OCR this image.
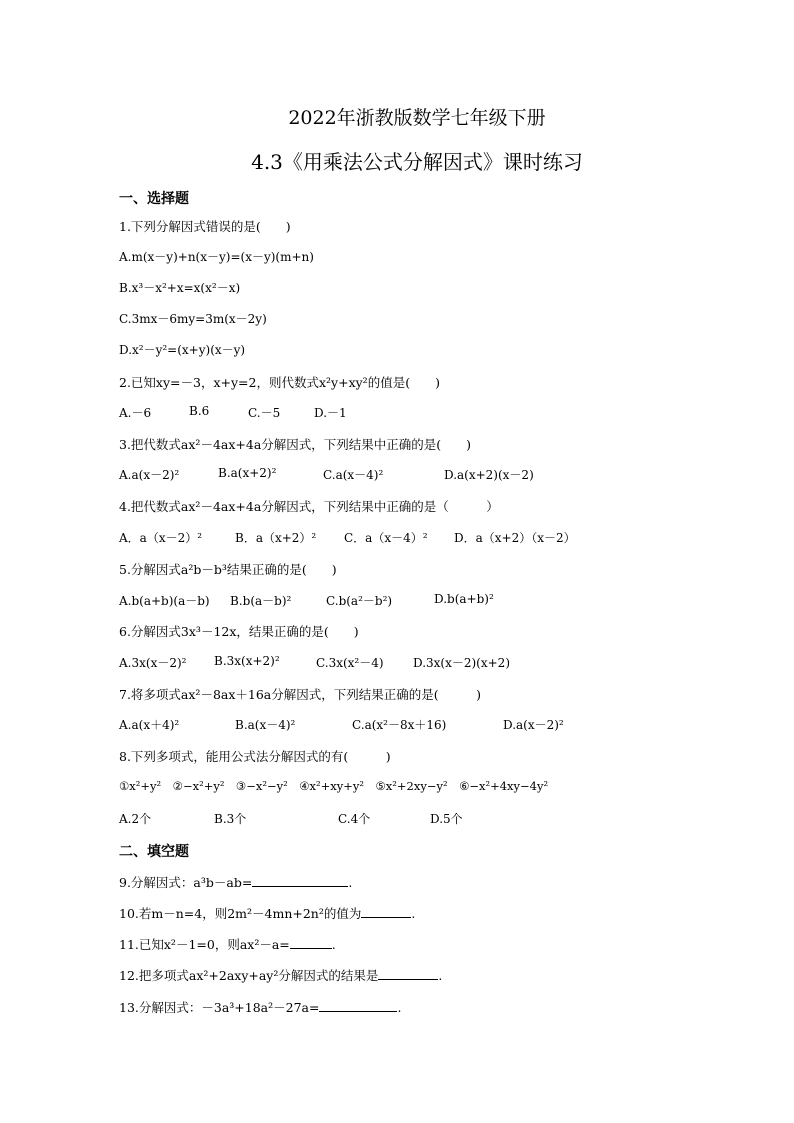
2022年浙教版数学七年级下册
4.3《用乘法公式分解因式》课时练习
一、选择题
1.下列分解因式错误的是(　　)
A.m(x－y)+n(x－y)=(x－y)(m+n)
B.x³－x²+x=x(x²－x)
C.3mx－6my=3m(x－2y)
D.x²－y²=(x+y)(x－y)
2.已知xy=－3，x+y=2，则代数式x²y+xy²的值是(　　)
A.－6	B.6	C.－5	D.－1
3.把代数式ax²－4ax+4a分解因式，下列结果中正确的是(　　)
A.a(x－2)²	B.a(x+2)²	C.a(x－4)²	D.a(x+2)(x－2)
4.把代数式ax²－4ax+4a分解因式，下列结果中正确的是（　　　）
A．a（x－2）²	B．a（x+2）² C．a（x－4）² D．a（x+2）（x－2）
5.分解因式a²b－b³结果正确的是(　　)
A.b(a+b)(a－b) B.b(a－b)²	C.b(a²－b²)	D.b(a+b)²
6.分解因式3x³－12x，结果正确的是(　　)
A.3x(x－2)² B.3x(x+2)²	C.3x(x²－4) D.3x(x－2)(x+2)
7.将多项式ax²－8ax＋16a分解因式，下列结果正确的是(　　　)
A.a(x＋4)²	B.a(x－4)²	C.a(x²－8x＋16)	D.a(x－2)²
8.下列多项式，能用公式法分解因式的有(　　　)
①x²+y²　②−x²+y²　③−x²−y²　④x²+xy+y²　⑤x²+2xy−y²　⑥−x²+4xy−4y²
A.2个	B.3个	C.4个	D.5个
二、填空题
9.分解因式：a³b－ab=	.
10.若m－n=4，则2m²－4mn+2n²的值为	.
11.已知x²－1=0，则ax²－a=	.
12.把多项式ax²+2axy+ay²分解因式的结果是	.
13.分解因式：－3a³+18a²－27a=	.
